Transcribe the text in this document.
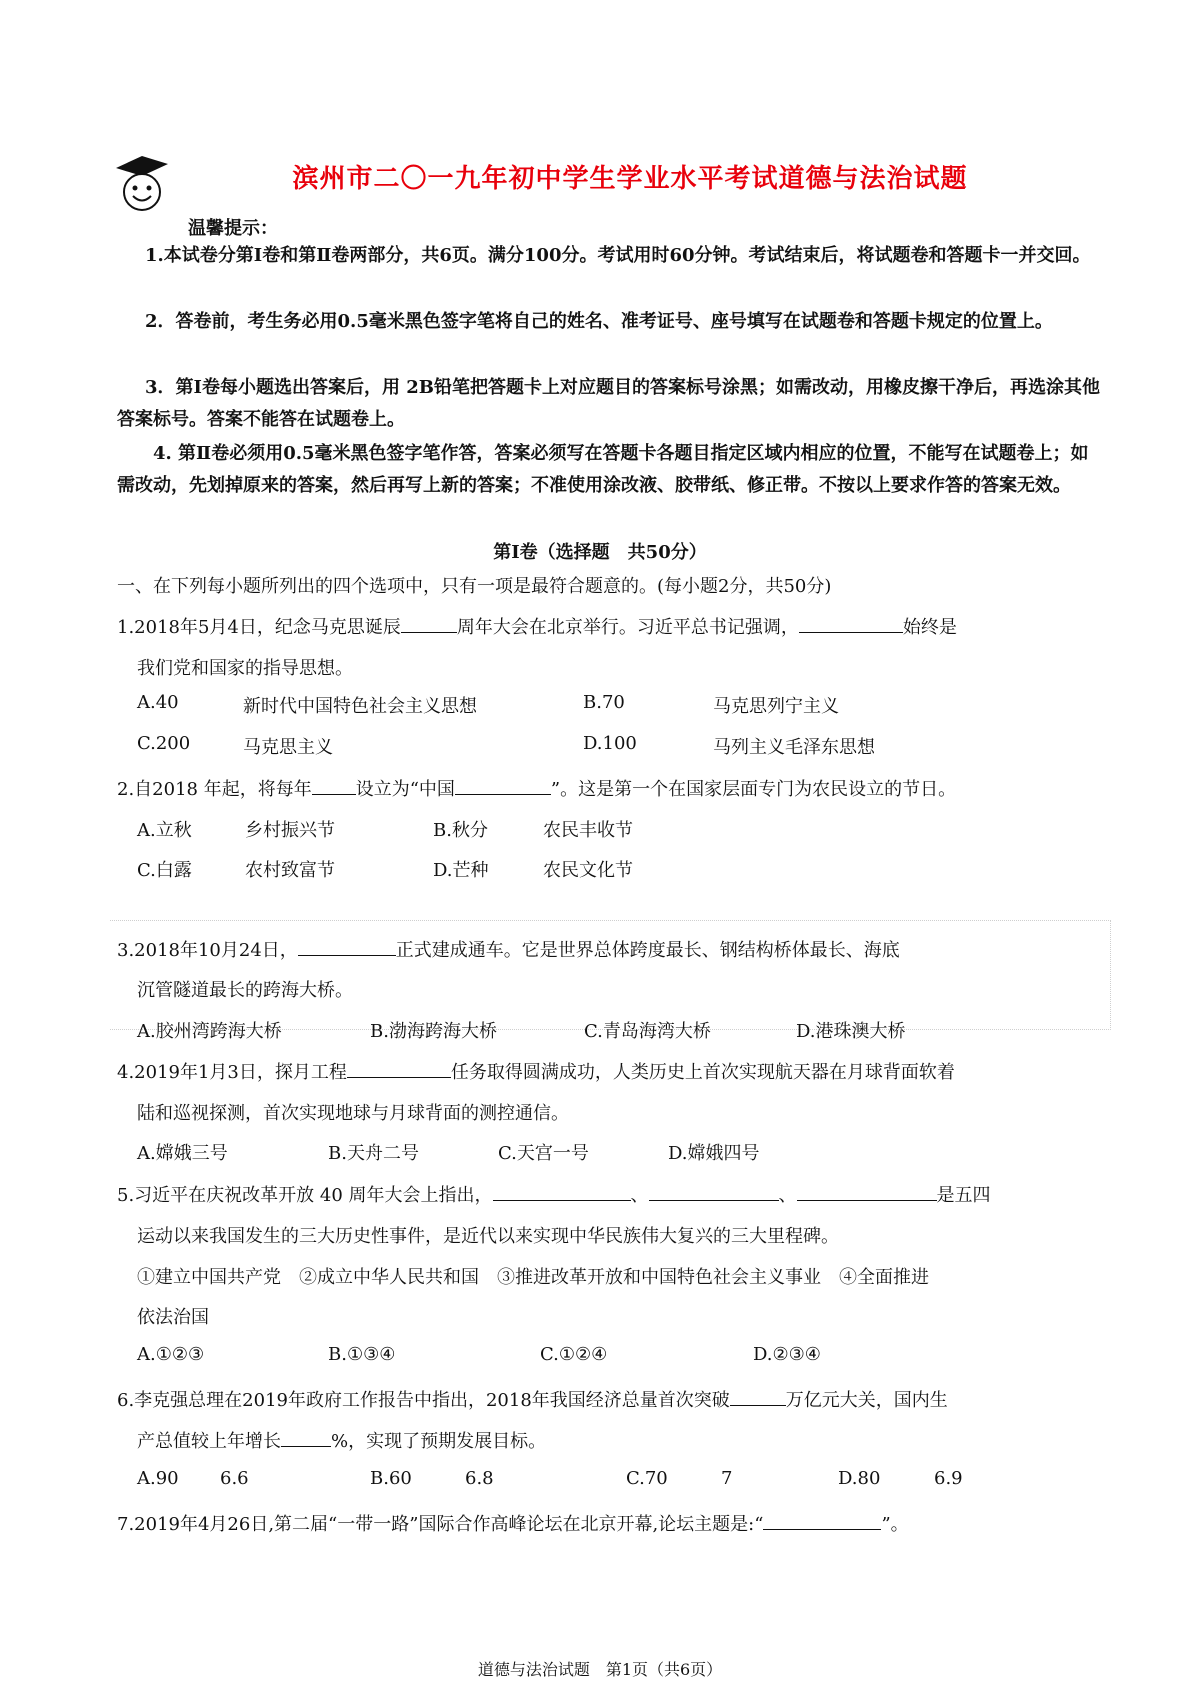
滨州市二〇一九年初中学生学业水平考试道德与法治试题
温馨提示：

1.本试卷分第Ⅰ卷和第Ⅱ卷两部分，共6页。满分100分。考试用时60分钟。考试结束后，将试题卷和答题卡一并交回。

2．答卷前，考生务必用0.5毫米黑色签字笔将自己的姓名、准考证号、座号填写在试题卷和答题卡规定的位置上。

3．第Ⅰ卷每小题选出答案后，用 2B铅笔把答题卡上对应题目的答案标号涂黑；如需改动，用橡皮擦干净后，再选涂其他答案标号。答案不能答在试题卷上。

4. 第Ⅱ卷必须用0.5毫米黑色签字笔作答，答案必须写在答题卡各题目指定区域内相应的位置，不能写在试题卷上；如需改动，先划掉原来的答案，然后再写上新的答案；不准使用涂改液、胶带纸、修正带。不按以上要求作答的答案无效。

第Ⅰ卷（选择题　共50分）
一、在下列每小题所列出的四个选项中，只有一项是最符合题意的。(每小题2分，共50分)
1.2018年5月4日，纪念马克思诞辰	周年大会在北京举行。习近平总书记强调，	始终是
我们党和国家的指导思想。
A.40	新时代中国特色社会主义思想	B.70	马克思列宁主义
C.200	马克思主义	D.100	马列主义毛泽东思想
2.自2018 年起，将每年 设立为“中国	”。这是第一个在国家层面专门为农民设立的节日。
A.立秋	乡村振兴节	B.秋分	农民丰收节
C.白露	农村致富节	D.芒种	农民文化节
3.2018年10月24日，	正式建成通车。它是世界总体跨度最长、钢结构桥体最长、海底
沉管隧道最长的跨海大桥。
A.胶州湾跨海大桥	B.渤海跨海大桥	C.青岛海湾大桥	D.港珠澳大桥
4.2019年1月3日，探月工程	任务取得圆满成功，人类历史上首次实现航天器在月球背面软着
陆和巡视探测，首次实现地球与月球背面的测控通信。
A.嫦娥三号	B.天舟二号	C.天宫一号	D.嫦娥四号
5.习近平在庆祝改革开放 40 周年大会上指出，	、	、	是五四
运动以来我国发生的三大历史性事件，是近代以来实现中华民族伟大复兴的三大里程碑。
①建立中国共产党　②成立中华人民共和国　③推进改革开放和中国特色社会主义事业　④全面推进
依法治国
A.①②③	B.①③④	C.①②④	D.②③④
6.李克强总理在2019年政府工作报告中指出，2018年我国经济总量首次突破	万亿元大关，国内生
产总值较上年增长	%，实现了预期发展目标。
A.90 6.6	B.60	6.8	C.70	7	D.80	6.9
7.2019年4月26日,第二届“一带一路”国际合作高峰论坛在北京开幕,论坛主题是:“	”。
道德与法治试题　第1页（共6页）
